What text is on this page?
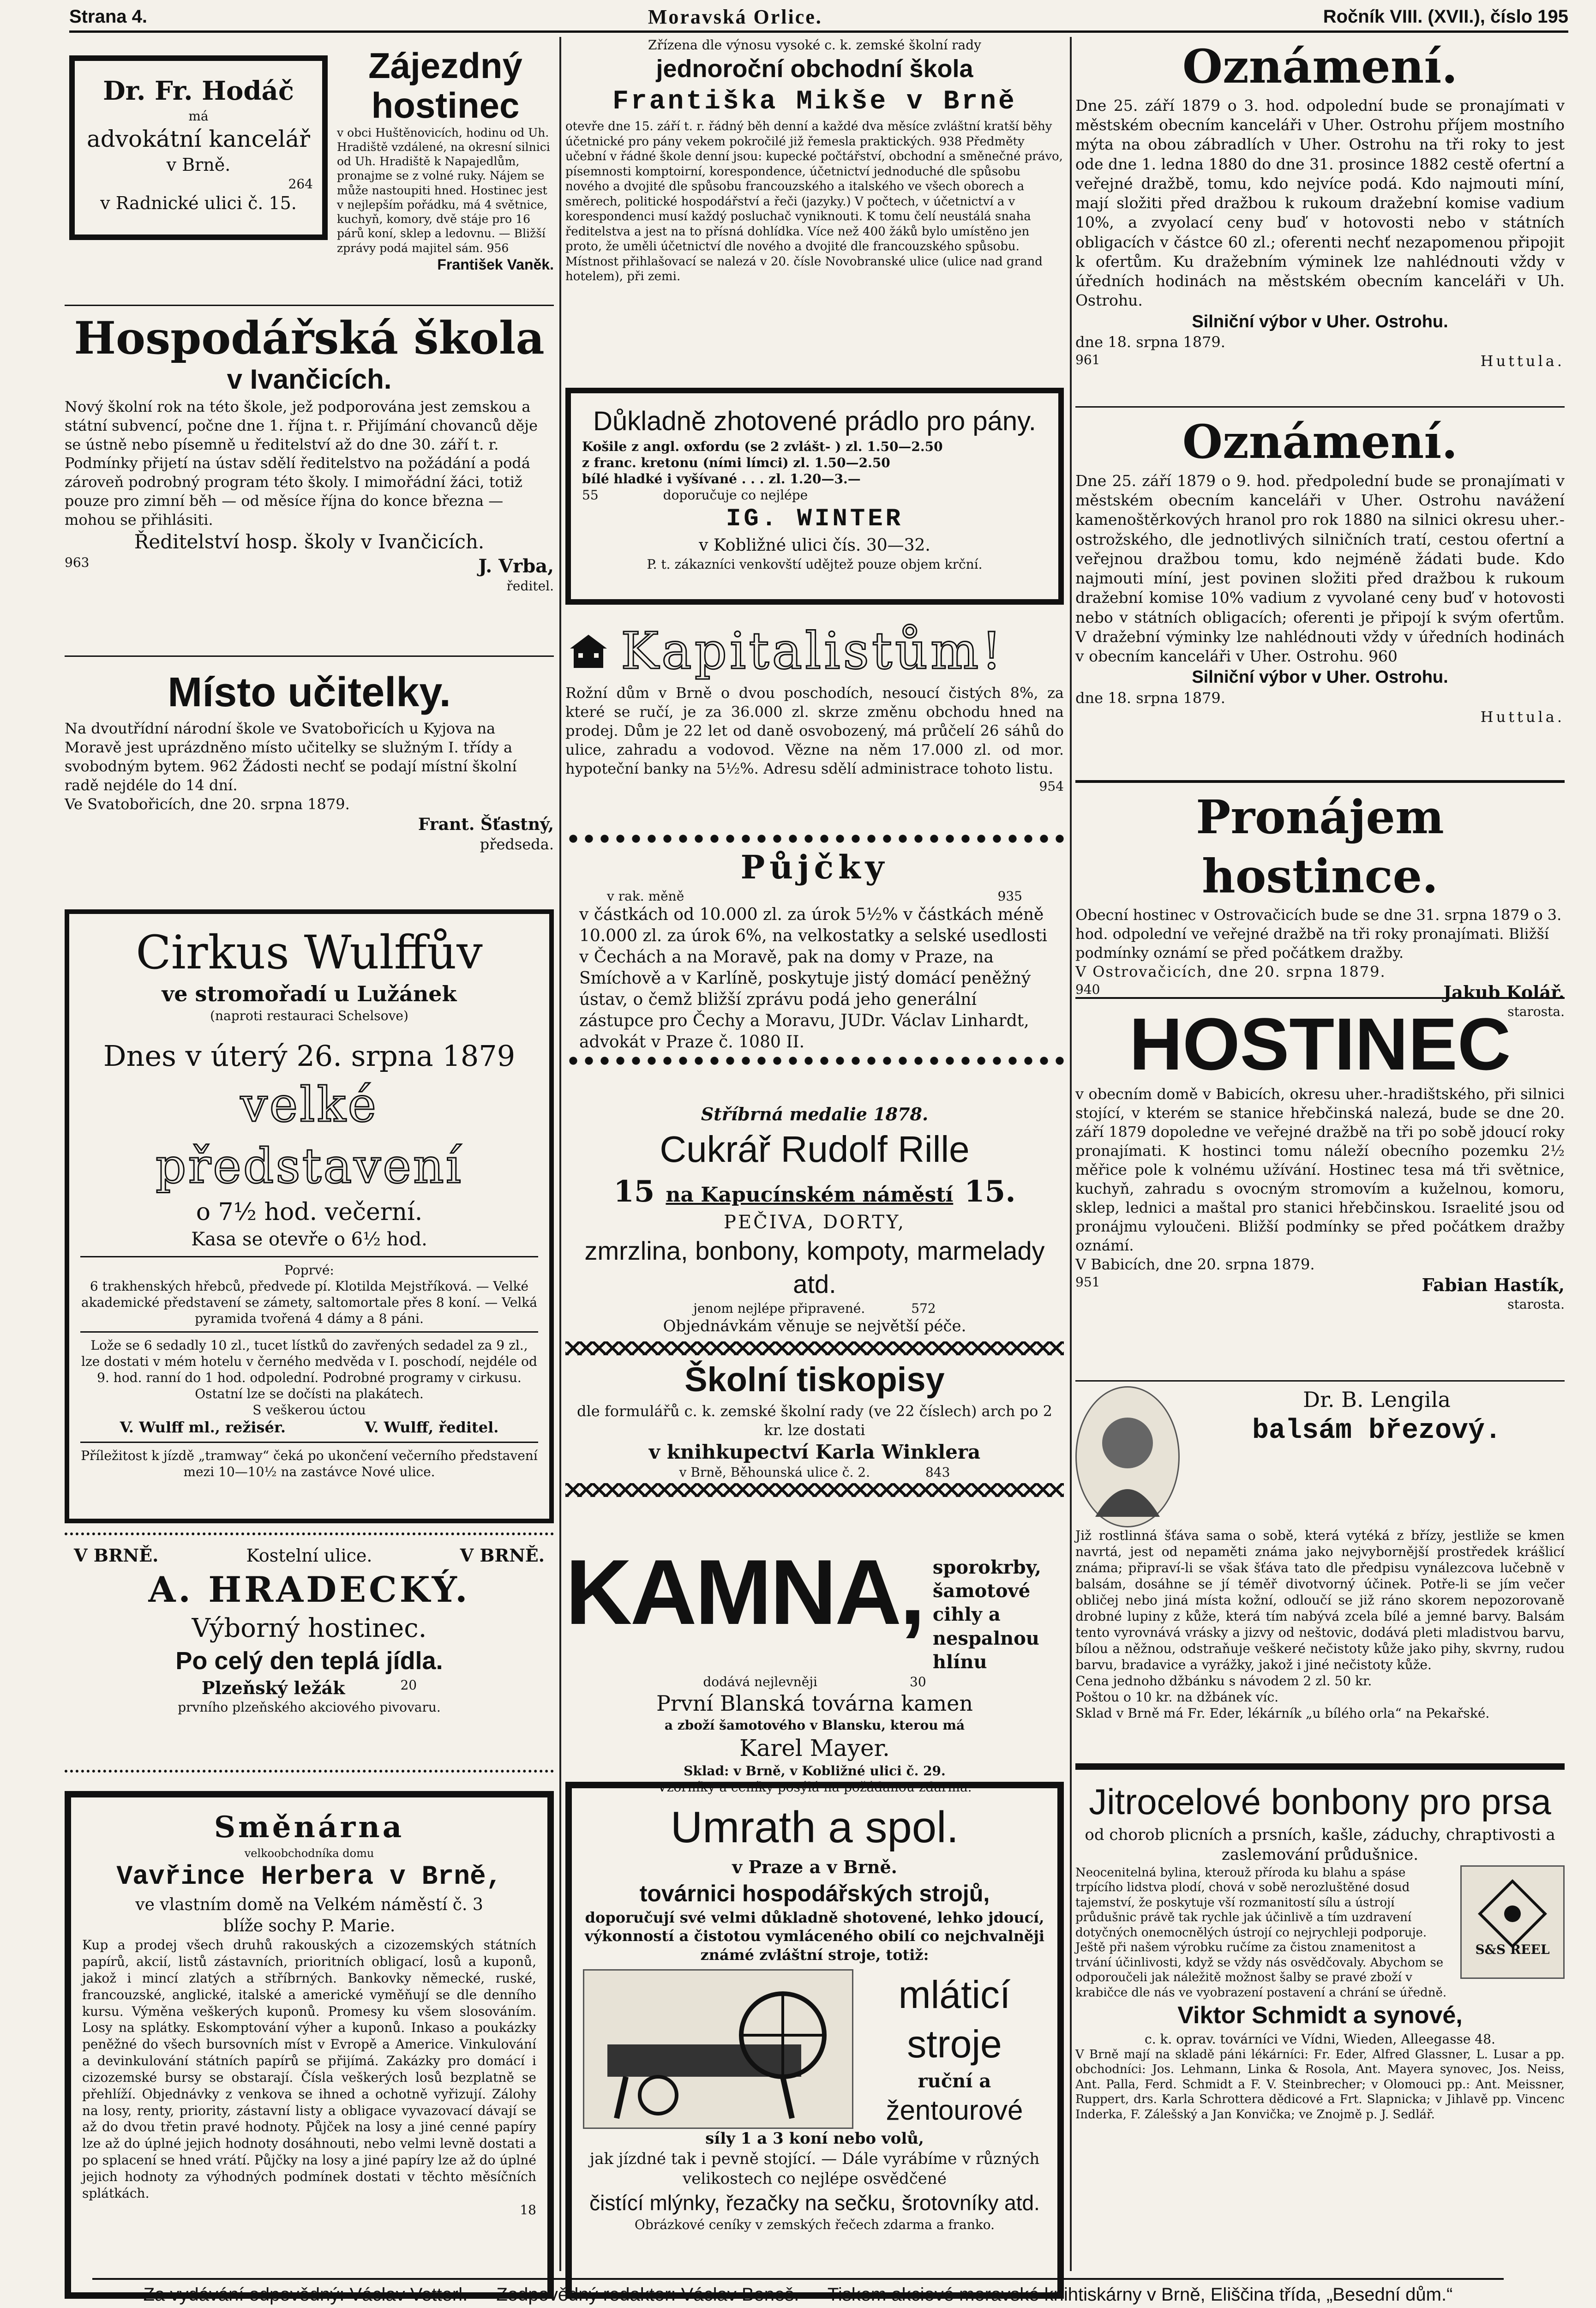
Strana 4.	Moravská Orlice.	Ročník VIII. (XVII.), číslo 195
Dr. Fr. Hodáč
má
advokátní kancelář
v Brně.
264
v Radnické ulici č. 15.
Zájezdný hostinec
v obci Huštěnovicích, hodinu od Uh. Hradiště vzdálené, na okresní silnici od Uh. Hradiště k Napajedlům, pronajme se z volné ruky. Nájem se může nastoupiti hned. Hostinec jest v nejlepším pořádku, má 4 světnice, kuchyň, komory, dvě stáje pro 16 párů koní, sklep a ledovnu. — Bližší zprávy podá majitel sám. 956
František Vaněk.
Hospodářská škola
v Ivančicích.
Nový školní rok na této škole, jež podporována jest zemskou a státní subvencí, počne dne 1. října t. r. Přijímání chovanců děje se ústně nebo písemně u ředitelství až do dne 30. září t. r. Podmínky přijetí na ústav sdělí ředitelstvo na požádání a podá zároveň podrobný program této školy. I mimořádní žáci, totiž pouze pro zimní běh — od měsíce října do konce března — mohou se přihlásiti.
Ředitelství hosp. školy v Ivančicích.
963	J. Vrba,
ředitel.
Místo učitelky.
Na dvoutřídní národní škole ve Svatobořicích u Kyjova na Moravě jest uprázdněno místo učitelky se služným I. třídy a svobodným bytem. 962 Žádosti nechť se podají místní školní radě nejdéle do 14 dní.
Ve Svatobořicích, dne 20. srpna 1879.
Frant. Šťastný,
předseda.
Cirkus Wulffův
ve stromořadí u Lužánek
(naproti restauraci Schelsove)
Dnes v úterý 26. srpna 1879
velké představení
o 7½ hod. večerní.
Kasa se otevře o 6½ hod.
Poprvé:
6 trakhenských hřebců, předvede pí. Klotilda Mejstříková. — Velké akademické představení se zámety, saltomortale přes 8 koní. — Velká pyramida tvořená 4 dámy a 8 páni.
Lože se 6 sedadly 10 zl., tucet lístků do zavřených sedadel za 9 zl., lze dostati v mém hotelu v černého medvěda v I. poschodí, nejdéle od 9. hod. ranní do 1 hod. odpolední. Podrobné programy v cirkusu.
Ostatní lze se dočísti na plakátech.
S veškerou úctou
V. Wulff ml., režisér.	V. Wulff, ředitel.
Příležitost k jízdě „tramway“ čeká po ukončení večerního představení mezi 10—10½ na zastávce Nové ulice.
V BRNĚ.	Kostelní ulice.	V BRNĚ.
A. HRADECKÝ.
Výborný hostinec.
Po celý den teplá jídla.
Plzeňský ležák	20
prvního plzeňského akciového pivovaru.
Směnárna
velkoobchodníka domu
Vavřince Herbera v Brně,
ve vlastním domě na Velkém náměstí č. 3
blíže sochy P. Marie.
Kup a prodej všech druhů rakouských a cizozemských státních papírů, akcií, listů zástavních, prioritních obligací, losů a kuponů, jakož i mincí zlatých a stříbrných. Bankovky německé, ruské, francouzské, anglické, italské a americké vyměňují se dle denního kursu. Výměna veškerých kuponů. Promesy ku všem slosováním. Losy na splátky. Eskomptování výher a kuponů. Inkaso a poukázky peněžné do všech bursovních míst v Evropě a Americe. Vinkulování a devinkulování státních papírů se přijímá. Zakázky pro domácí i cizozemské bursy se obstarají. Čísla veškerých losů bezplatně se přehlíží. Objednávky z venkova se ihned a ochotně vyřizují. Zálohy na losy, renty, priority, zástavní listy a obligace vyvazovací dávají se až do dvou třetin pravé hodnoty. Půjček na losy a jiné cenné papíry lze až do úplné jejich hodnoty dosáhnouti, nebo velmi levně dostati a po splacení se hned vrátí. Půjčky na losy a jiné papíry lze až do úplné jejich hodnoty za výhodných podmínek dostati v těchto měsíčních splátkách.
18
Zřízena dle výnosu vysoké c. k. zemské školní rady
jednoroční obchodní škola
Františka Mikše v Brně
otevře dne 15. září t. r. řádný běh denní a každé dva měsíce zvláštní kratší běhy účetnické pro pány vekem pokročilé již řemesla praktických. 938 Předměty učební v řádné škole denní jsou: kupecké počtářství, obchodní a směnečné právo, písemnosti komptoirní, korespondence, účetnictví jednoduché dle spůsobu nového a dvojité dle spůsobu francouzského a italského ve všech oborech a směrech, politické hospodářství a řeči (jazyky.) V počtech, v účetnictví a v korespondenci musí každý posluchač vyniknouti. K tomu čelí neustálá snaha ředitelstva a jest na to přísná dohlídka. Více než 400 žáků bylo umístěno jen proto, že uměli účetnictví dle nového a dvojité dle francouzského spůsobu.
Místnost přihlašovací se nalezá v 20. čísle Novobranské ulice (ulice nad grand hotelem), při zemi.
Důkladně zhotovené prádlo pro pány.
Košile z angl. oxfordu (se 2 zvlášt- ) zl. 1.50—2.50
z franc. kretonu (ními límci) zl. 1.50—2.50
bílé hladké i vyšívané . . . zl. 1.20—3.—
55	doporučuje co nejlépe
IG. WINTER
v Kobližné ulici čís. 30—32.
P. t. zákazníci venkovští udějtež pouze objem krční.
Kapitalistům!
Rožní dům v Brně o dvou poschodích, nesoucí čistých 8%, za které se ručí, je za 36.000 zl. skrze změnu obchodu hned na prodej. Dům je 22 let od daně osvobozený, má průčelí 26 sáhů do ulice, zahradu a vodovod. Vězne na něm 17.000 zl. od mor. hypoteční banky na 5½%. Adresu sdělí administrace tohoto listu.
954
Půjčky
v rak. měně	935
v částkách od 10.000 zl. za úrok 5½% v částkách méně 10.000 zl. za úrok 6%, na velkostatky a selské usedlosti v Čechách a na Moravě, pak na domy v Praze, na Smíchově a v Karlíně, poskytuje jistý domácí peněžný ústav, o čemž bližší zprávu podá jeho generální zástupce pro Čechy a Moravu, JUDr. Václav Linhardt, advokát v Praze č. 1080 II.
Stříbrná medalie 1878.
Cukrář Rudolf Rille
15 na Kapucínském náměstí 15.
PEČIVA, DORTY,
zmrzlina, bonbony, kompoty, marmelady atd.
jenom nejlépe připravené.	572
Objednávkám věnuje se největší péče.
Školní tiskopisy
dle formulářů c. k. zemské školní rady (ve 22 číslech) arch po 2 kr. lze dostati
v knihkupectví Karla Winklera
v Brně, Běhounská ulice č. 2.	843
KAMNA, sporokrby, šamotové cihly a nespalnou hlínu
dodává nejlevněji	30
První Blanská továrna kamen
a zboží šamotového v Blansku, kterou má
Karel Mayer.
Sklad: v Brně, v Kobližné ulici č. 29.
Vzorníky a ceníky posýlá na požádanou zdarma.
Umrath a spol.
v Praze a v Brně.
továrnici hospodářských strojů,
doporučují své velmi důkladně shotovené, lehko jdoucí, výkonností a čistotou vymláceného obilí co nejchvalněji známé zvláštní stroje, totiž:
mláticí
stroje
ruční a
žentourové
síly 1 a 3 koní nebo volů,
jak jízdné tak i pevně stojící. — Dále vyrábíme v různých velikostech co nejlépe osvědčené
čistící mlýnky, řezačky na sečku, šrotovníky atd.
Obrázkové ceníky v zemských řečech zdarma a franko.
Oznámení.
Dne 25. září 1879 o 3. hod. odpolední bude se pronajímati v městském obecním kanceláři v Uher. Ostrohu příjem mostního mýta na obou zábradlích v Uher. Ostrohu na tři roky to jest ode dne 1. ledna 1880 do dne 31. prosince 1882 cestě ofertní a veřejné dražbě, tomu, kdo nejvíce podá. Kdo najmouti míní, mají složiti před dražbou k rukoum dražební komise vadium 10%, a zvyolací ceny buď v hotovosti nebo v státních obligacích v částce 60 zl.; oferenti nechť nezapomenou připojit k ofertům. Ku dražebním výminek lze nahlédnouti vždy v úředních hodinách na městském obecním kanceláři v Uh. Ostrohu.
Silniční výbor v Uher. Ostrohu.
dne 18. srpna 1879.
961	Huttula.
Oznámení.
Dne 25. září 1879 o 9. hod. předpolední bude se pronajímati v městském obecním kanceláři v Uher. Ostrohu navážení kamenoštěrkových hranol pro rok 1880 na silnici okresu uher.-ostrožského, dle jednotlivých silničních tratí, cestou ofertní a veřejnou dražbou tomu, kdo nejméně žádati bude. Kdo najmouti míní, jest povinen složiti před dražbou k rukoum dražební komise 10% vadium z vyvolané ceny buď v hotovosti nebo v státních obligacích; oferenti je připojí k svým ofertům. V dražební výminky lze nahlédnouti vždy v úředních hodinách v obecním kanceláři v Uher. Ostrohu. 960
Silniční výbor v Uher. Ostrohu.
dne 18. srpna 1879.
Huttula.
Pronájem hostince.
Obecní hostinec v Ostrovačicích bude se dne 31. srpna 1879 o 3. hod. odpolední ve veřejné dražbě na tři roky pronajímati. Bližší podmínky oznámí se před počátkem dražby.
V Ostrovačicích, dne 20. srpna 1879.
940	Jakub Kolář.
starosta.
HOSTINEC
v obecním domě v Babicích, okresu uher.-hradištského, při silnici stojící, v kterém se stanice hřebčinská nalezá, bude se dne 20. září 1879 dopoledne ve veřejné dražbě na tři po sobě jdoucí roky pronajímati. K hostinci tomu náleží obecního pozemku 2½ měřice pole k volnému užívání. Hostinec tesa má tři světnice, kuchyň, zahradu s ovocným stromovím a kuželnou, komoru, sklep, lednici a maštal pro stanici hřebčinskou. Israelité jsou od pronájmu vyloučeni. Bližší podmínky se před počátkem dražby oznámí.
V Babicích, dne 20. srpna 1879.
951	Fabian Hastík,
starosta.
Dr. B. Lengila
balsám březový.
Již rostlinná šťáva sama o sobě, která vytéká z břízy, jestliže se kmen navrtá, jest od nepaměti známa jako nejvybornější prostředek krášlicí známa; připraví-li se však šťáva tato dle předpisu vynálezcova lučebně v balsám, dosáhne se jí téměř divotvorný účinek. Potře-li se jím večer obličej nebo jiná místa kožní, odloučí se již ráno skorem nepozorovaně drobné lupiny z kůže, která tím nabývá zcela bílé a jemné barvy. Balsám tento vyrovnává vrásky a jizvy od neštovic, dodává pleti mladistvou barvu, bílou a něžnou, odstraňuje veškeré nečistoty kůže jako pihy, skvrny, rudou barvu, bradavice a vyrážky, jakož i jiné nečistoty kůže.
Cena jednoho džbánku s návodem 2 zl. 50 kr.
Poštou o 10 kr. na džbánek víc.
Sklad v Brně má Fr. Eder, lékárník „u bílého orla“ na Pekařské.
Jitrocelové bonbony pro prsa
od chorob plicních a prsních, kašle, záduchy, chraptivosti a zaslemování průdušnice.
Neocenitelná bylina, kterouž příroda ku blahu a spáse trpícího lidstva plodí, chová v sobě nerozluštěné dosud tajemství, že poskytuje vší rozmanitostí sílu a ústrojí průdušnic právě tak rychle jak účinlivě a tím uzdravení dotyčných onemocnělých ústrojí co nejrychleji podporuje. Ještě při našem výrobku ručíme za čistou znamenitost a trvání účinlivosti, když se vždy nás osvědčovaly. Abychom se odporoučeli jak náležitě možnost šalby se pravé zboží v krabičce dle nás ve vyobrazení postavení a chrání se úředně.
S&S REEL
Viktor Schmidt a synové,
c. k. oprav. továrníci ve Vídni, Wieden, Alleegasse 48.
V Brně mají na skladě páni lékárníci: Fr. Eder, Alfred Glassner, L. Lusar a pp. obchodníci: Jos. Lehmann, Linka & Rosola, Ant. Mayera synovec, Jos. Neiss, Ant. Palla, Ferd. Schmidt a F. V. Steinbrecher; v Olomouci pp.: Ant. Meissner, Ruppert, drs. Karla Schrottera dědicové a Frt. Slapnicka; v Jihlavě pp. Vincenc Inderka, F. Zálešský a Jan Konvička; ve Znojmě p. J. Sedlář.
Za vydávání odpovědný: Václav Vetterl. — Zodpovědný redaktor: Václav Beneš. — Tiskem akciové moravské knihtiskárny v Brně, Eliščina třída, „Besední dům.“
